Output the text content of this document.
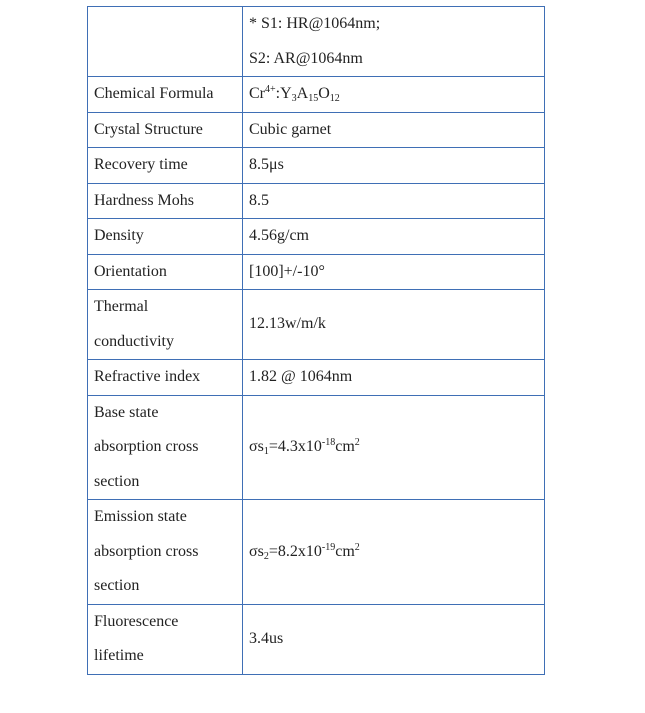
	* S1: HR@1064nm;
S2: AR@1064nm

Chemical Formula	$Cr^{4+}:Y_3A_{15}O_{12}$
Crystal Structure	Cubic garnet
Recovery time	8.5μs
Hardness Mohs	8.5
Density	4.56g/cm
Orientation	[100]+/-10°

Thermal
conductivity	12.13w/m/k
Refractive index	1.82 @ 1064nm

Base state
absorption cross
section	$\sigma s_1=4.3x10^{-18}cm^2$

Emission state
absorption cross
section	$\sigma s_2=8.2x10^{-19}cm^2$

Fluorescence
lifetime	3.4us
